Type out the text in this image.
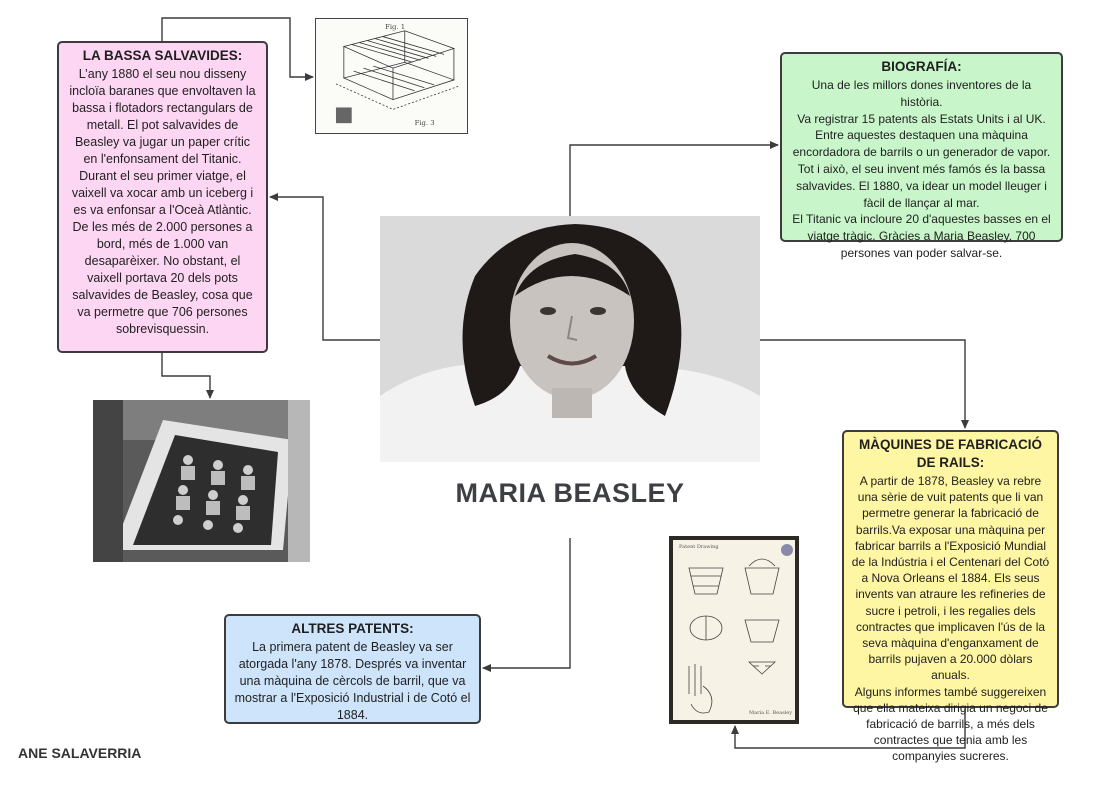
LA BASSA SALVAVIDES:

L’any 1880 el seu nou disseny incloïa baranes que envoltaven la bassa i flotadors rectangulars de metall. El pot salvavides de Beasley va jugar un paper crític en l'enfonsament del Titanic. Durant el seu primer viatge, el vaixell va xocar amb un iceberg i es va enfonsar a l'Oceà Atlàntic. De les més de 2.000 persones a bord, més de 1.000 van desaparèixer. No obstant, el vaixell portava 20 dels pots salvavides de Beasley, cosa que va permetre que 706 persones sobrevisquessin.

Fig. 1
Fig. 3
MARIA BEASLEY
BIOGRAFÍA:

Una de les millors dones inventores de la història.

Va registrar 15 patents als Estats Units i al UK.

Entre aquestes destaquen una màquina encordadora de barrils o un generador de vapor.

Tot i això, el seu invent més famós és la bassa salvavides. El 1880, va idear un model lleuger i fàcil de llançar al mar.

El Titanic va incloure 20 d'aquestes basses en el viatge tràgic. Gràcies a Maria Beasley, 700 persones van poder salvar-se.

MÀQUINES DE FABRICACIÓ DE RAILS:

A partir de 1878, Beasley va rebre una sèrie de vuit patents que li van permetre generar la fabricació de barrils.Va exposar una màquina per fabricar barrils a l'Exposició Mundial de la Indústria i el Centenari del Cotó a Nova Orleans el 1884. Els seus invents van atraure les refineries de sucre i petroli, i les regalies dels contractes que implicaven l'ús de la seva màquina d'enganxament de barrils pujaven a 20.000 dòlars anuals.

Alguns informes també suggereixen que ella mateixa dirigia un negoci de fabricació de barrils, a més dels contractes que tenia amb les companyies sucreres.

Patent Drawing
Maria E. Beasley
ALTRES PATENTS:

La primera patent de Beasley va ser atorgada l'any 1878. Després va inventar una màquina de cèrcols de barril, que va mostrar a l'Exposició Industrial i de Cotó el 1884.

ANE SALAVERRIA
